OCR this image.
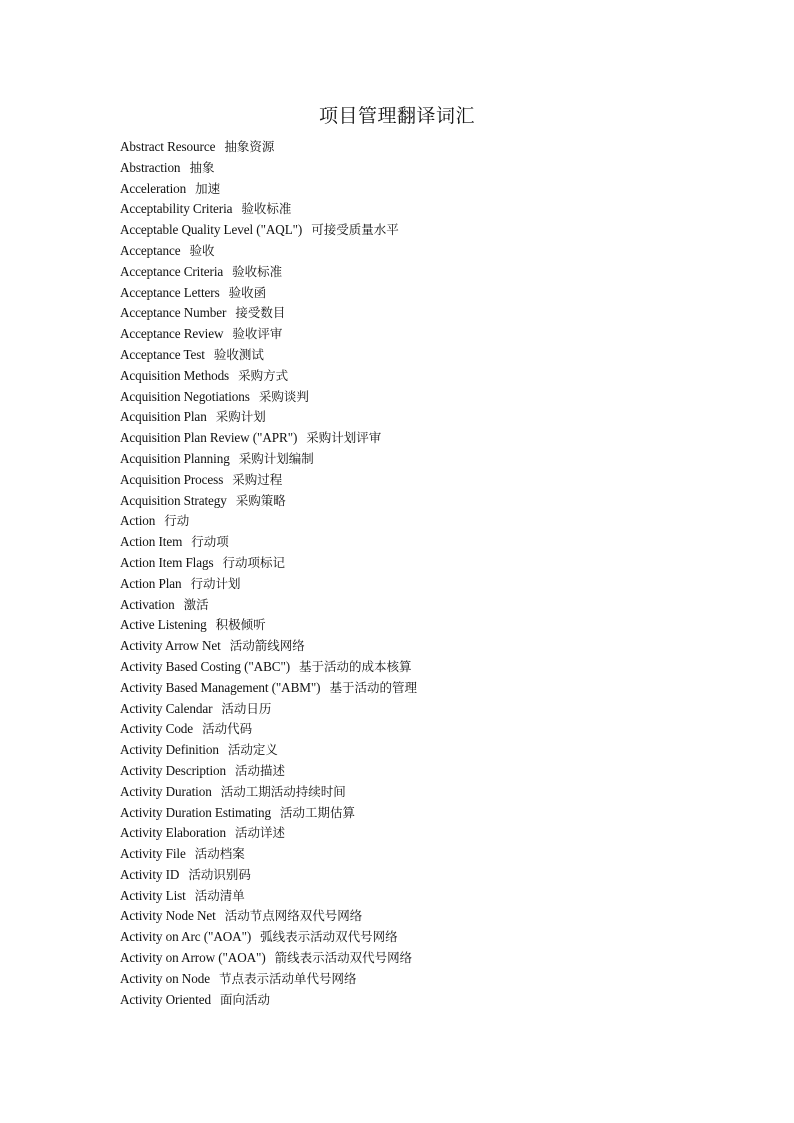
项目管理翻译词汇
Abstract Resource 抽象资源
Abstraction 抽象
Acceleration 加速
Acceptability Criteria 验收标准
Acceptable Quality Level ("AQL") 可接受质量水平
Acceptance 验收
Acceptance Criteria 验收标准
Acceptance Letters 验收函
Acceptance Number 接受数目
Acceptance Review 验收评审
Acceptance Test 验收测试
Acquisition Methods 采购方式
Acquisition Negotiations 采购谈判
Acquisition Plan 采购计划
Acquisition Plan Review ("APR") 采购计划评审
Acquisition Planning 采购计划编制
Acquisition Process 采购过程
Acquisition Strategy 采购策略
Action 行动
Action Item 行动项
Action Item Flags 行动项标记
Action Plan 行动计划
Activation 激活
Active Listening 积极倾听
Activity Arrow Net 活动箭线网络
Activity Based Costing ("ABC") 基于活动的成本核算
Activity Based Management ("ABM") 基于活动的管理
Activity Calendar 活动日历
Activity Code 活动代码
Activity Definition 活动定义
Activity Description 活动描述
Activity Duration 活动工期活动持续时间
Activity Duration Estimating 活动工期估算
Activity Elaboration 活动详述
Activity File 活动档案
Activity ID 活动识别码
Activity List 活动清单
Activity Node Net 活动节点网络双代号网络
Activity on Arc ("AOA") 弧线表示活动双代号网络
Activity on Arrow ("AOA") 箭线表示活动双代号网络
Activity on Node 节点表示活动单代号网络
Activity Oriented 面向活动
